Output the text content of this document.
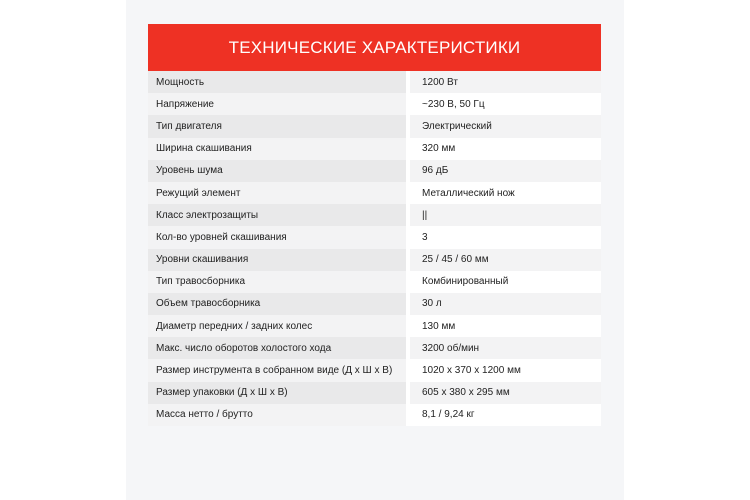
ТЕХНИЧЕСКИЕ ХАРАКТЕРИСТИКИ
Мощность	1200 Вт
Напряжение	~230 В, 50 Гц
Тип двигателя	Электрический
Ширина скашивания	320 мм
Уровень шума	96 дБ
Режущий элемент	Металлический нож
Класс электрозащиты	||
Кол-во уровней скашивания	3
Уровни скашивания	25 / 45 / 60 мм
Тип травосборника	Комбинированный
Объем травосборника	30 л
Диаметр передних / задних колес	130 мм
Макс. число оборотов холостого хода	3200 об/мин
Размер инструмента в собранном виде (Д х Ш х В)	1020 х 370 х 1200 мм
Размер упаковки (Д х Ш х В)	605 х 380 х 295 мм
Масса нетто / брутто	8,1 / 9,24 кг
